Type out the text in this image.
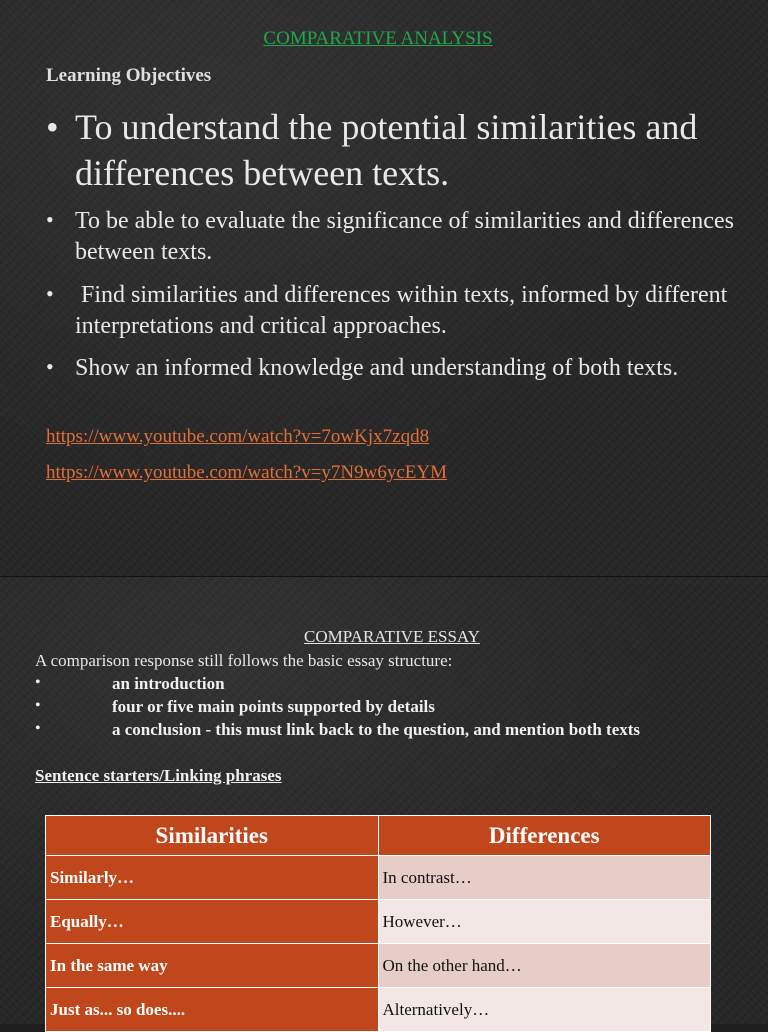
COMPARATIVE ANALYSIS
Learning Objectives
• To understand the potential similarities and differences between texts.
• To be able to evaluate the significance of similarities and differences between texts.
• Find similarities and differences within texts, informed by different interpretations and critical approaches.
• Show an informed knowledge and understanding of both texts.
https://www.youtube.com/watch?v=7owKjx7zqd8
https://www.youtube.com/watch?v=y7N9w6ycEYM
COMPARATIVE ESSAY
A comparison response still follows the basic essay structure:
•	an introduction
•	four or five main points supported by details
•	a conclusion - this must link back to the question, and mention both texts
Sentence starters/Linking phrases
Similarities	Differences
Similarly…	In contrast…
Equally…	However…
In the same way	On the other hand…
Just as... so does....	Alternatively…
